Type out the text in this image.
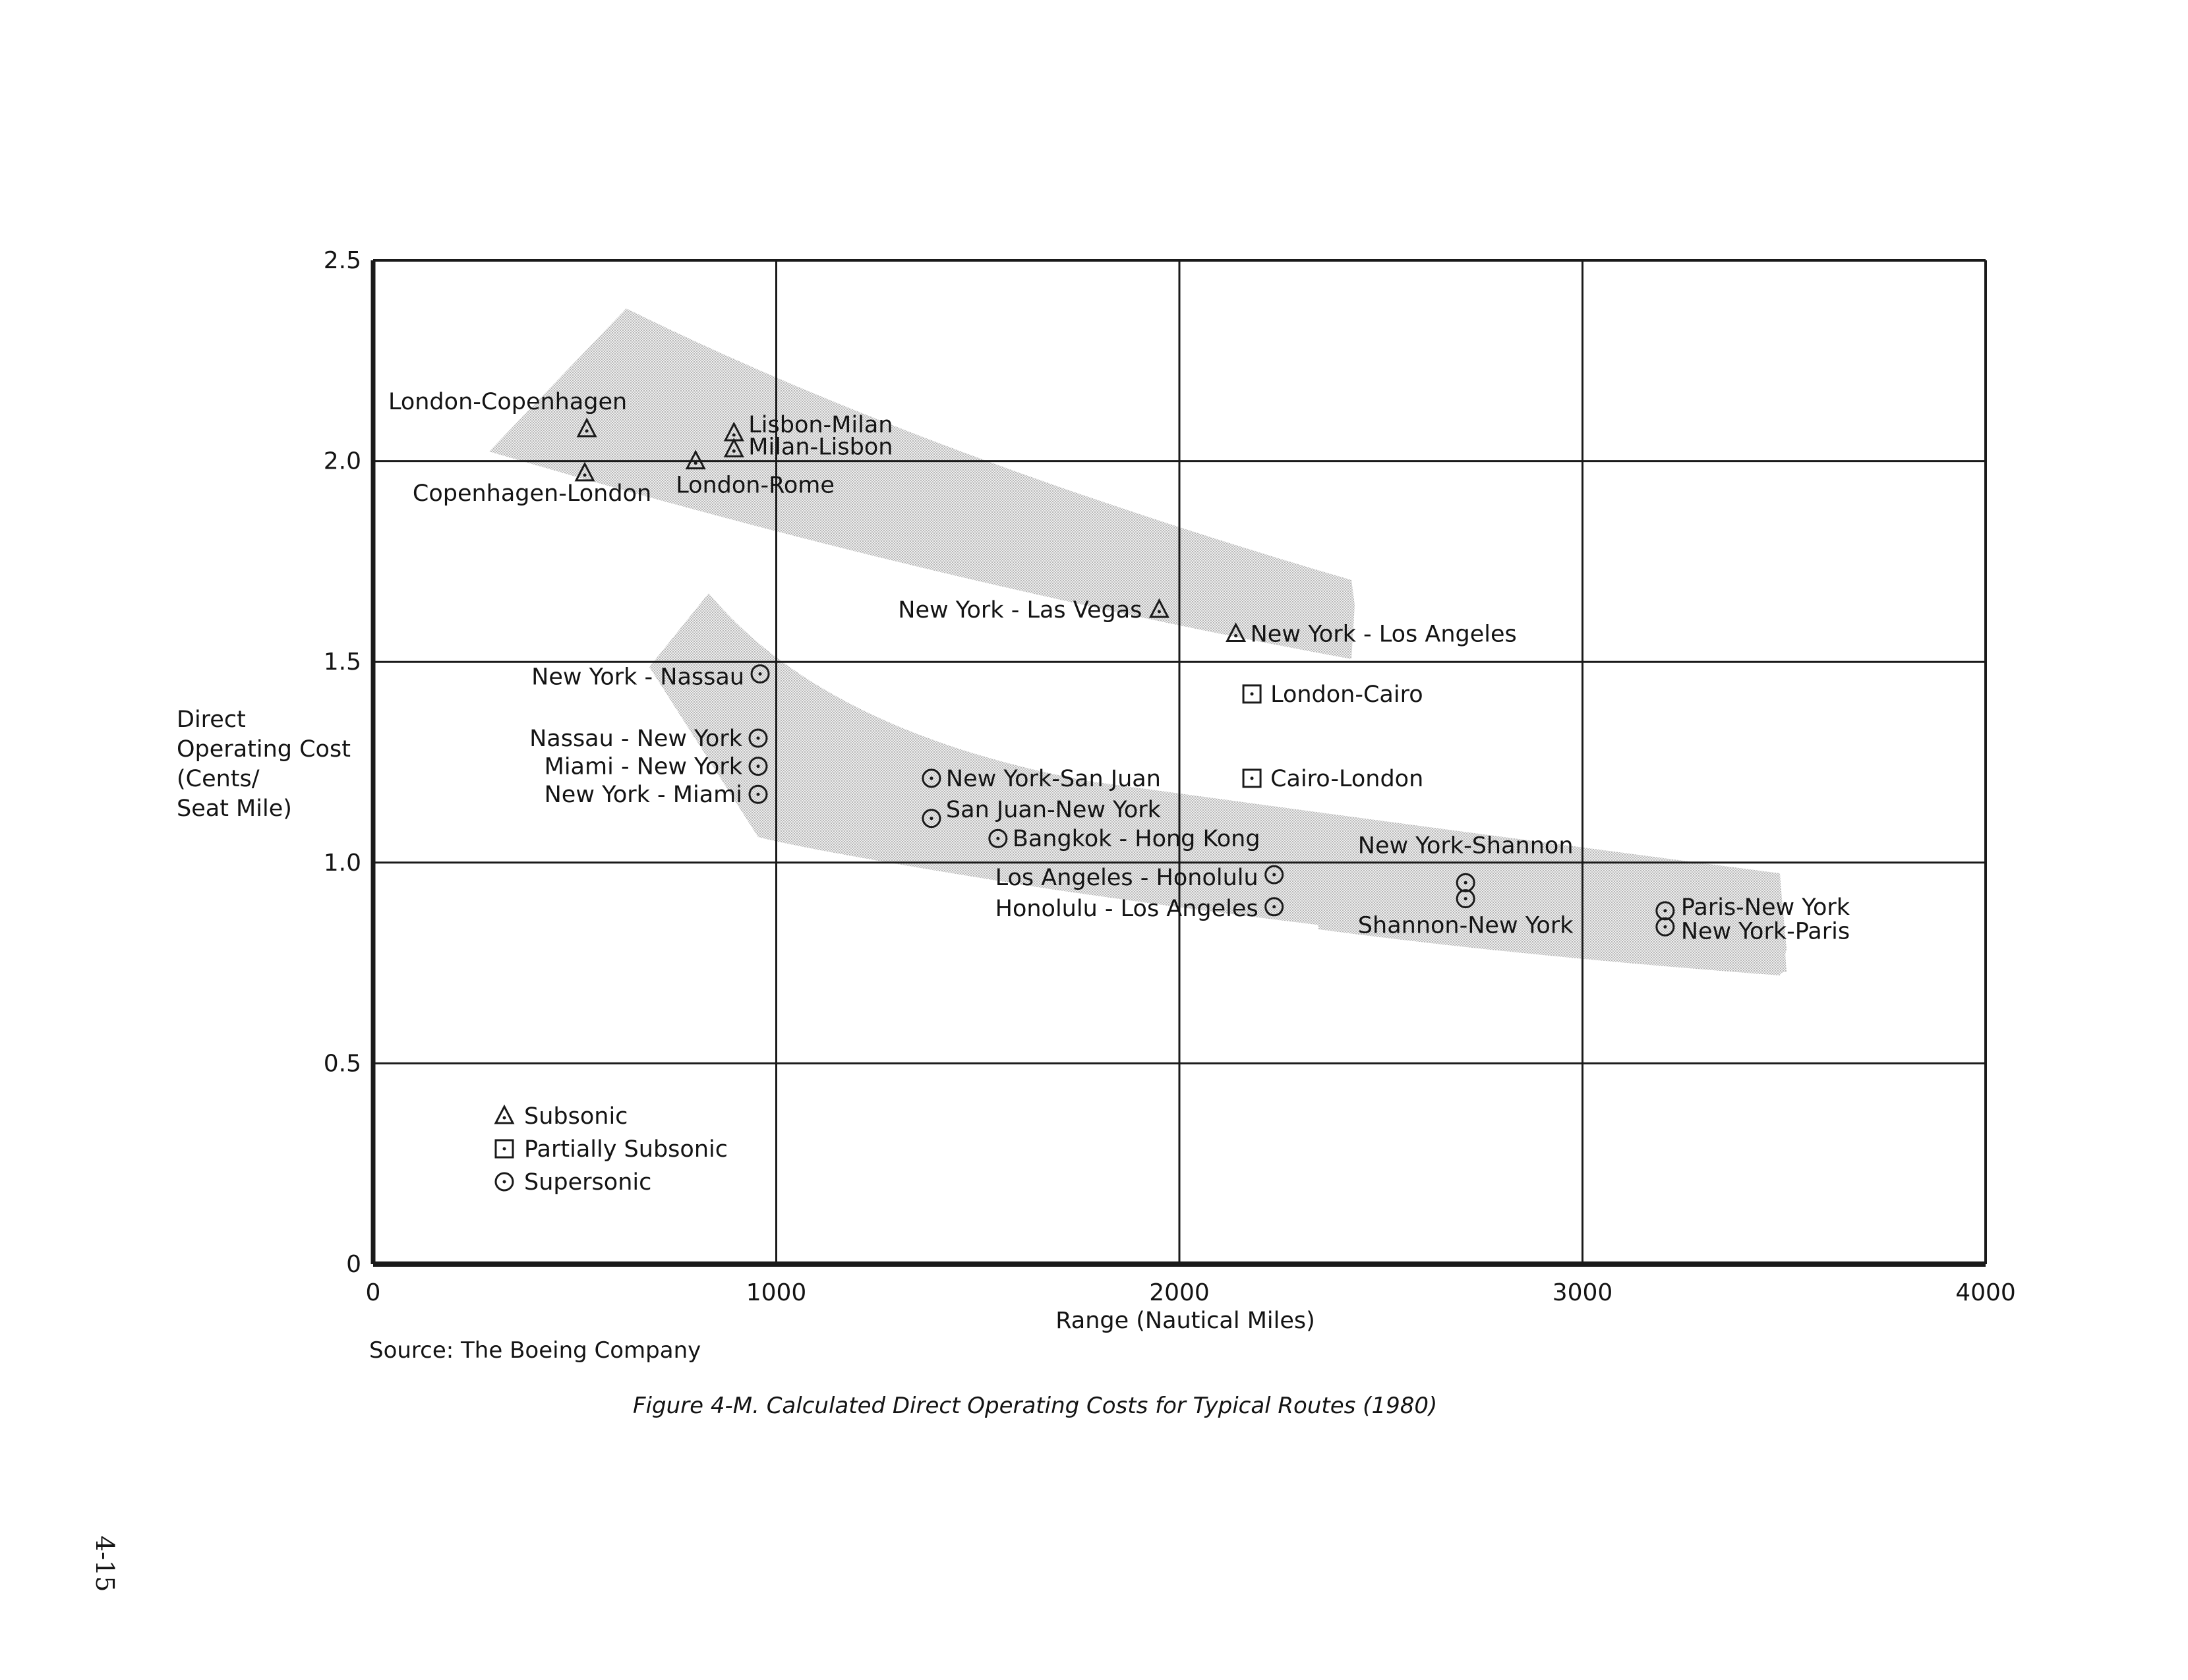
0	1000	2000	3000	4000
0
0.5
1.0
1.5
2.0
2.5
London-Copenhagen
Copenhagen-London
Lisbon-Milan
Milan-Lisbon
London-Rome
New York - Las Vegas
New York - Los Angeles
London-Cairo
Cairo-London
New York - Nassau
Nassau - New York
Miami - New York
New York - Miami
New York-San Juan
San Juan-New York
Bangkok - Hong Kong
Los Angeles - Honolulu
Honolulu - Los Angeles
New York-Shannon
Shannon-New York
Paris-New York
New York-Paris
Subsonic
Partially Subsonic
Supersonic
Direct
Operating Cost
(Cents/
Seat Mile)
Range (Nautical Miles)
Source: The Boeing Company
Figure 4-M. Calculated Direct Operating Costs for Typical Routes (1980)
4-15
